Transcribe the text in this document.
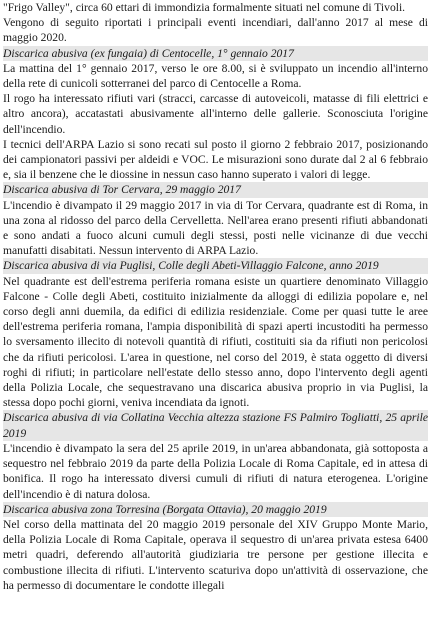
"Frigo Valley", circa 60 ettari di immondizia formalmente situati nel comune di Tivoli.

Vengono di seguito riportati i principali eventi incendiari, dall'anno 2017 al mese di maggio 2020.

Discarica abusiva (ex fungaia) di Centocelle, 1° gennaio 2017

La mattina del 1° gennaio 2017, verso le ore 8.00, si è sviluppato un incendio all'interno della rete di cunicoli sotterranei del parco di Centocelle a Roma.

Il rogo ha interessato rifiuti vari (stracci, carcasse di autoveicoli, matasse di fili elettrici e altro ancora), accatastati abusivamente all'interno delle gallerie. Sconosciuta l'origine dell'incendio.

I tecnici dell'ARPA Lazio si sono recati sul posto il giorno 2 febbraio 2017, posizionando dei campionatori passivi per aldeidi e VOC. Le misurazioni sono durate dal 2 al 6 febbraio e, sia il benzene che le diossine in nessun caso hanno superato i valori di legge.

Discarica abusiva di Tor Cervara, 29 maggio 2017

L'incendio è divampato il 29 maggio 2017 in via di Tor Cervara, quadrante est di Roma, in una zona al ridosso del parco della Cervelletta. Nell'area erano presenti rifiuti abbandonati e sono andati a fuoco alcuni cumuli degli stessi, posti nelle vicinanze di due vecchi manufatti disabitati. Nessun intervento di ARPA Lazio.

Discarica abusiva di via Puglisi, Colle degli Abeti-Villaggio Falcone, anno 2019

Nel quadrante est dell'estrema periferia romana esiste un quartiere denominato Villaggio Falcone - Colle degli Abeti, costituito inizialmente da alloggi di edilizia popolare e, nel corso degli anni duemila, da edifici di edilizia residenziale. Come per quasi tutte le aree dell'estrema periferia romana, l'ampia disponibilità di spazi aperti incustoditi ha permesso lo sversamento illecito di notevoli quantità di rifiuti, costituiti sia da rifiuti non pericolosi che da rifiuti pericolosi. L'area in questione, nel corso del 2019, è stata oggetto di diversi roghi di rifiuti; in particolare nell'estate dello stesso anno, dopo l'intervento degli agenti della Polizia Locale, che sequestravano una discarica abusiva proprio in via Puglisi, la stessa dopo pochi giorni, veniva incendiata da ignoti.

Discarica abusiva di via Collatina Vecchia altezza stazione FS Palmiro Togliatti, 25 aprile 2019

L'incendio è divampato la sera del 25 aprile 2019, in un'area abbandonata, già sottoposta a sequestro nel febbraio 2019 da parte della Polizia Locale di Roma Capitale, ed in attesa di bonifica. Il rogo ha interessato diversi cumuli di rifiuti di natura eterogenea. L'origine dell'incendio è di natura dolosa.

Discarica abusiva zona Torresina (Borgata Ottavia), 20 maggio 2019

Nel corso della mattinata del 20 maggio 2019 personale del XIV Gruppo Monte Mario, della Polizia Locale di Roma Capitale, operava il sequestro di un'area privata estesa 6400 metri quadri, deferendo all'autorità giudiziaria tre persone per gestione illecita e combustione illecita di rifiuti. L'intervento scaturiva dopo un'attività di osservazione, che ha permesso di documentare le condotte illegali
